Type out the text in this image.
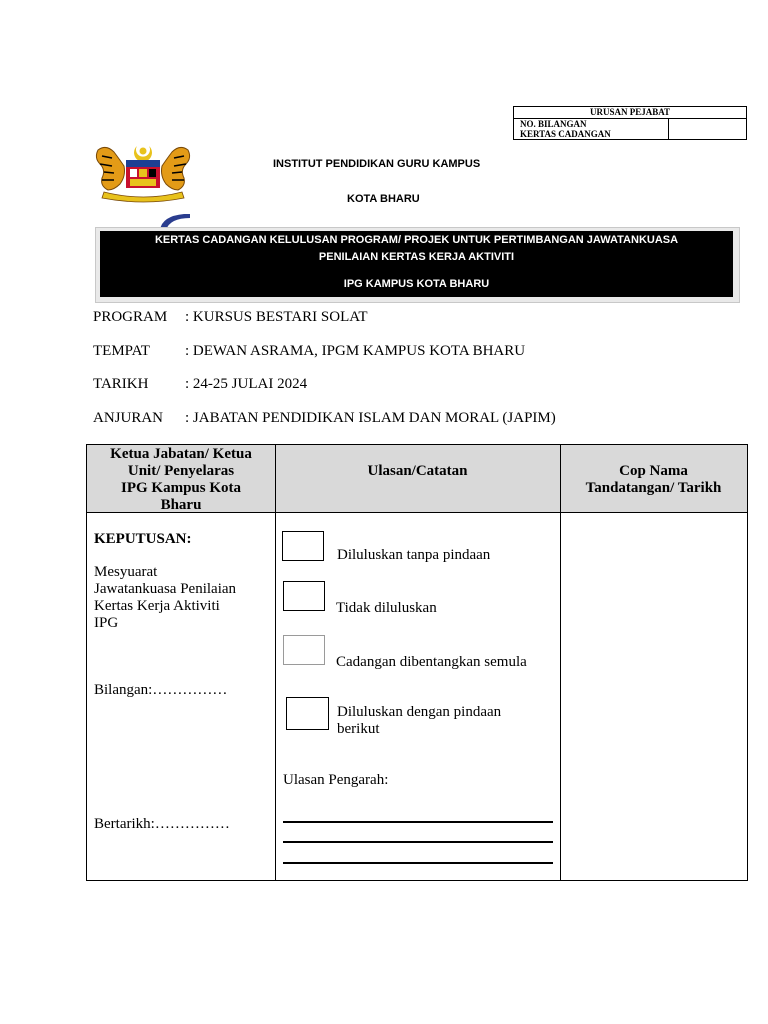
URUSAN PEJABAT
NO. BILANGAN
KERTAS CADANGAN
INSTITUT PENDIDIKAN GURU KAMPUS
KOTA BHARU
KERTAS CADANGAN KELULUSAN PROGRAM/ PROJEK UNTUK PERTIMBANGAN JAWATANKUASA
PENILAIAN KERTAS KERJA AKTIVITI
IPG KAMPUS KOTA BHARU
PROGRAM : KURSUS BESTARI SOLAT
TEMPAT : DEWAN ASRAMA, IPGM KAMPUS KOTA BHARU
TARIKH : 24-25 JULAI 2024
ANJURAN : JABATAN PENDIDIKAN ISLAM DAN MORAL (JAPIM)
Ketua Jabatan/ Ketua
Unit/ Penyelaras
IPG Kampus Kota
Bharu
Ulasan/Catatan	Cop Nama
Tandatangan/ Tarikh
KEPUTUSAN:
Mesyuarat
Jawatankuasa Penilaian
Kertas Kerja Aktiviti
IPG
Bilangan:……………
Bertarikh:……………
Diluluskan tanpa pindaan
Tidak diluluskan
Cadangan dibentangkan semula
Diluluskan dengan pindaan
berikut
Ulasan Pengarah:
